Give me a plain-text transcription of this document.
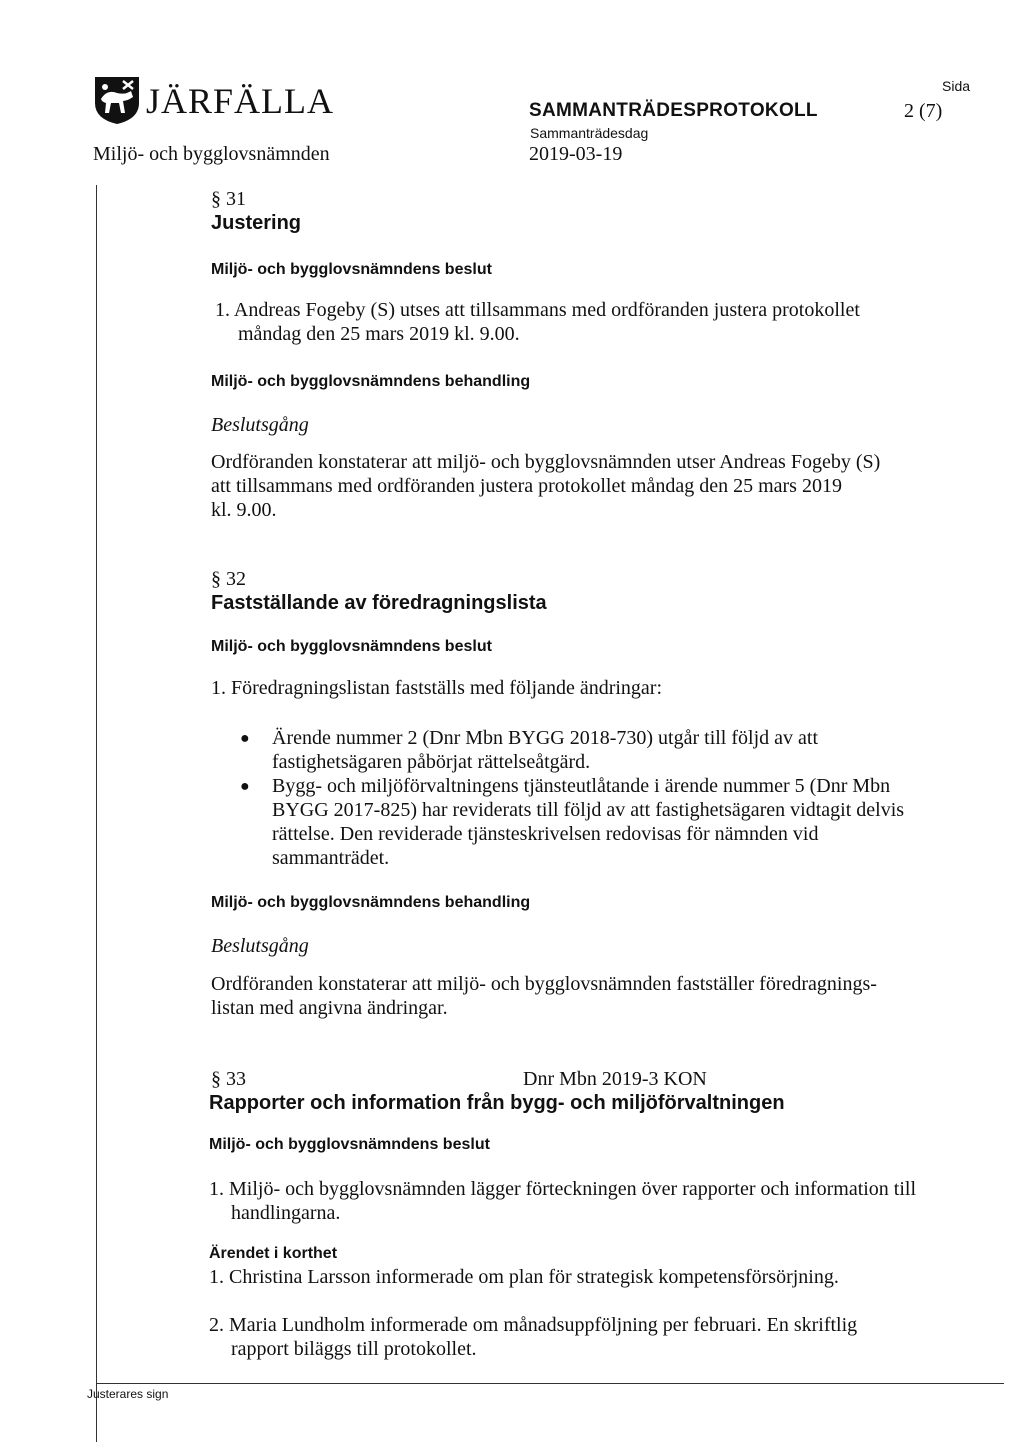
JÄRFÄLLA
Miljö- och bygglovsnämnden
SAMMANTRÄDESPROTOKOLL
Sammanträdesdag
2019-03-19
Sida
2 (7)
§ 31
Justering
Miljö- och bygglovsnämndens beslut
1. Andreas Fogeby (S) utses att tillsammans med ordföranden justera protokollet
måndag den 25 mars 2019 kl. 9.00.
Miljö- och bygglovsnämndens behandling
Beslutsgång
Ordföranden konstaterar att miljö- och bygglovsnämnden utser Andreas Fogeby (S)
att tillsammans med ordföranden justera protokollet måndag den 25 mars 2019
kl. 9.00.
§ 32
Fastställande av föredragningslista
Miljö- och bygglovsnämndens beslut
1. Föredragningslistan fastställs med följande ändringar:
● Ärende nummer 2 (Dnr Mbn BYGG 2018-730) utgår till följd av att
fastighetsägaren påbörjat rättelseåtgärd.
● Bygg- och miljöförvaltningens tjänsteutlåtande i ärende nummer 5 (Dnr Mbn
BYGG 2017-825) har reviderats till följd av att fastighetsägaren vidtagit delvis
rättelse. Den reviderade tjänsteskrivelsen redovisas för nämnden vid
sammanträdet.
Miljö- och bygglovsnämndens behandling
Beslutsgång
Ordföranden konstaterar att miljö- och bygglovsnämnden fastställer föredragnings-
listan med angivna ändringar.
§ 33	Dnr Mbn 2019-3 KON
Rapporter och information från bygg- och miljöförvaltningen
Miljö- och bygglovsnämndens beslut
1. Miljö- och bygglovsnämnden lägger förteckningen över rapporter och information till
handlingarna.
Ärendet i korthet
1. Christina Larsson informerade om plan för strategisk kompetensförsörjning.
2. Maria Lundholm informerade om månadsuppföljning per februari. En skriftlig
rapport biläggs till protokollet.
Justerares sign
